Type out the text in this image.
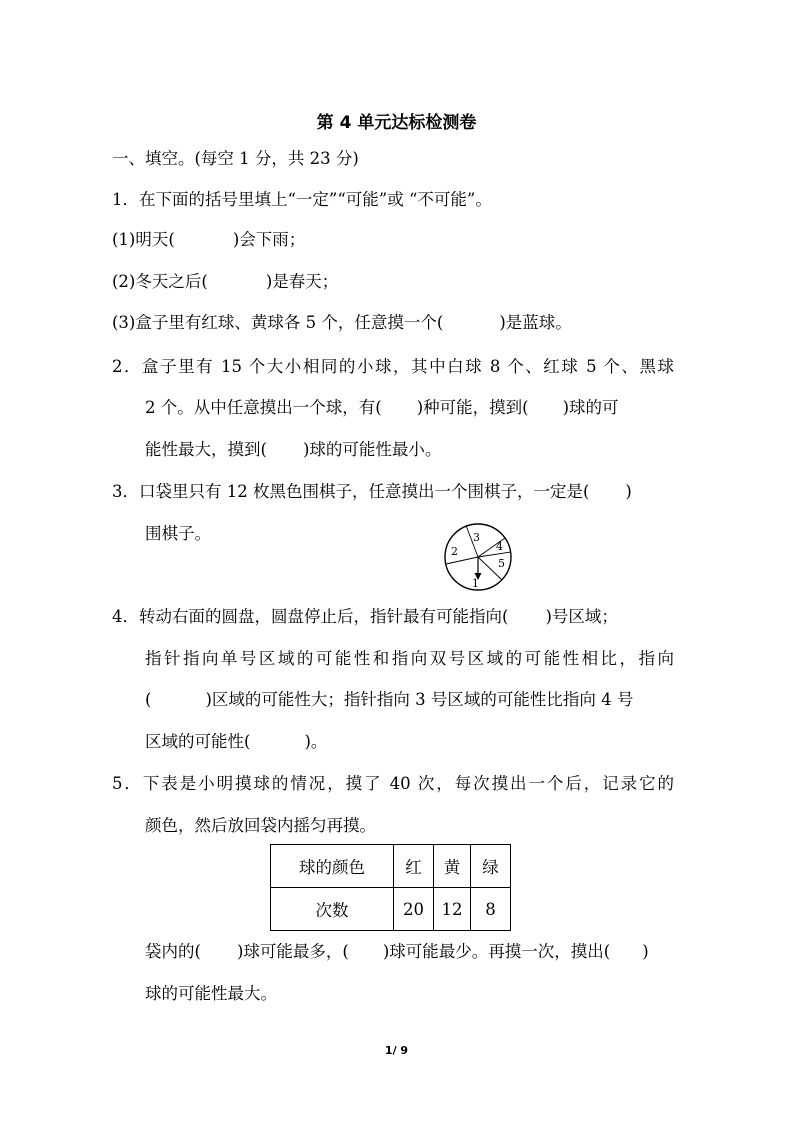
第 4 单元达标检测卷
一、填空。(每空 1 分，共 23 分)
1．在下面的括号里填上“一定”“可能”或 “不可能”。
(1)明天(	)会下雨；
(2)冬天之后(	)是春天；
(3)盒子里有红球、黄球各 5 个，任意摸一个(	)是蓝球。
2．盒子里有 15 个大小相同的小球，其中白球 8 个、红球 5 个、黑球
2 个。从中任意摸出一个球，有( )种可能，摸到( )球的可
能性最大，摸到( )球的可能性最小。
3．口袋里只有 12 枚黑色围棋子，任意摸出一个围棋子，一定是( )
围棋子。
1
2
3
4
5
4．转动右面的圆盘，圆盘停止后，指针最有可能指向( )号区域；
指针指向单号区域的可能性和指向双号区域的可能性相比，指向
(	)区域的可能性大；指针指向 3 号区域的可能性比指向 4 号
区域的可能性(	)。
5．下表是小明摸球的情况，摸了 40 次，每次摸出一个后，记录它的
颜色，然后放回袋内摇匀再摸。
球的颜色	红	黄	绿
次数	20	12	8
袋内的( )球可能最多，( )球可能最少。再摸一次，摸出( )
球的可能性最大。
1/ 9
